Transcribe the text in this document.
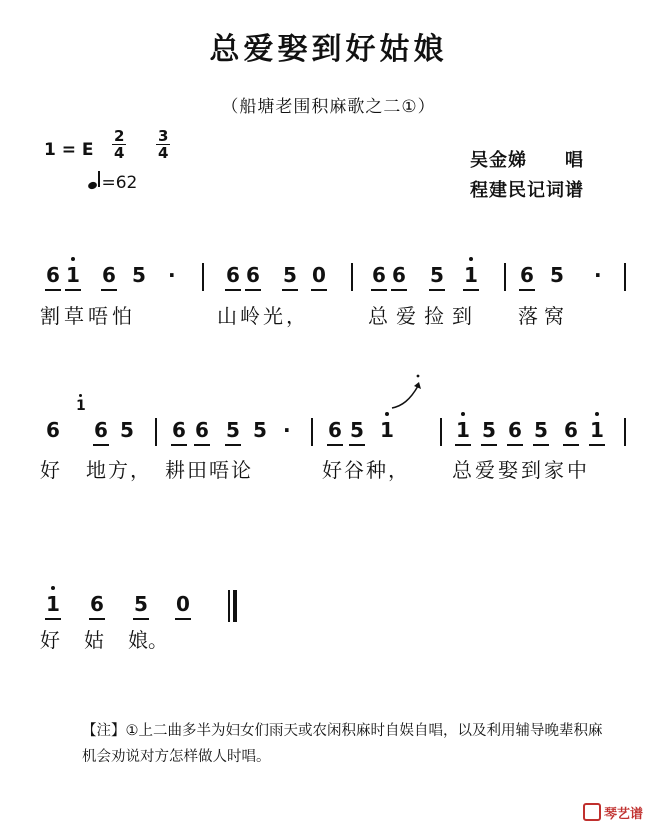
总爱娶到好姑娘
（船塘老围积麻歌之二①）
1 = E $\frac{2}{4} \frac{3}{4}$
=62
吴金娣　　唱
程建民记词谱
6 1 6 5 ·	6 6 5 0 6 6 5 1 6 5 ·
割草唔怕	山岭光，	总爱捡到 落窝
1
6 6 5 6 6 5 5 · 6 5 1	1 5 6 5 6 1
好 地方， 耕田唔论	好谷种， 总爱娶到家中
1 6 5 0
好 姑 娘。
【注】①上二曲多半为妇女们雨天或农闲积麻时自娱自唱，以及利用辅导晚辈积麻机会劝说对方怎样做人时唱。
琴艺谱
